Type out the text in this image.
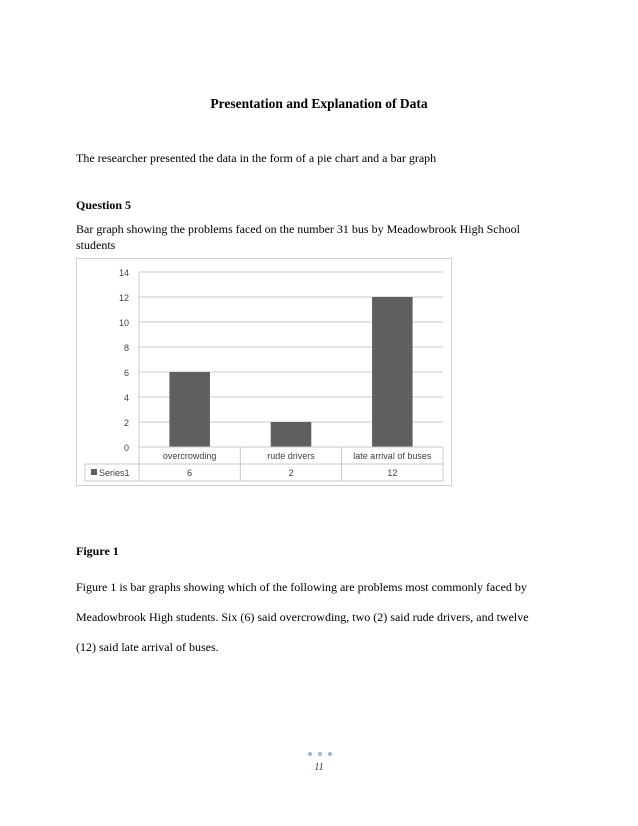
Presentation and Explanation of Data
The researcher presented the data in the form of a pie chart and a bar graph
Question 5
Bar graph showing the problems faced on the number 31 bus by Meadowbrook High School
students
0
2
4
6
8
10
12
14
overcrowding
6
rude drivers
2
late arrival of buses
12
Series1
Figure 1
Figure 1 is bar graphs showing which of the following are problems most commonly faced by
Meadowbrook High students. Six (6) said overcrowding, two (2) said rude drivers, and twelve
(12) said late arrival of buses.
11
